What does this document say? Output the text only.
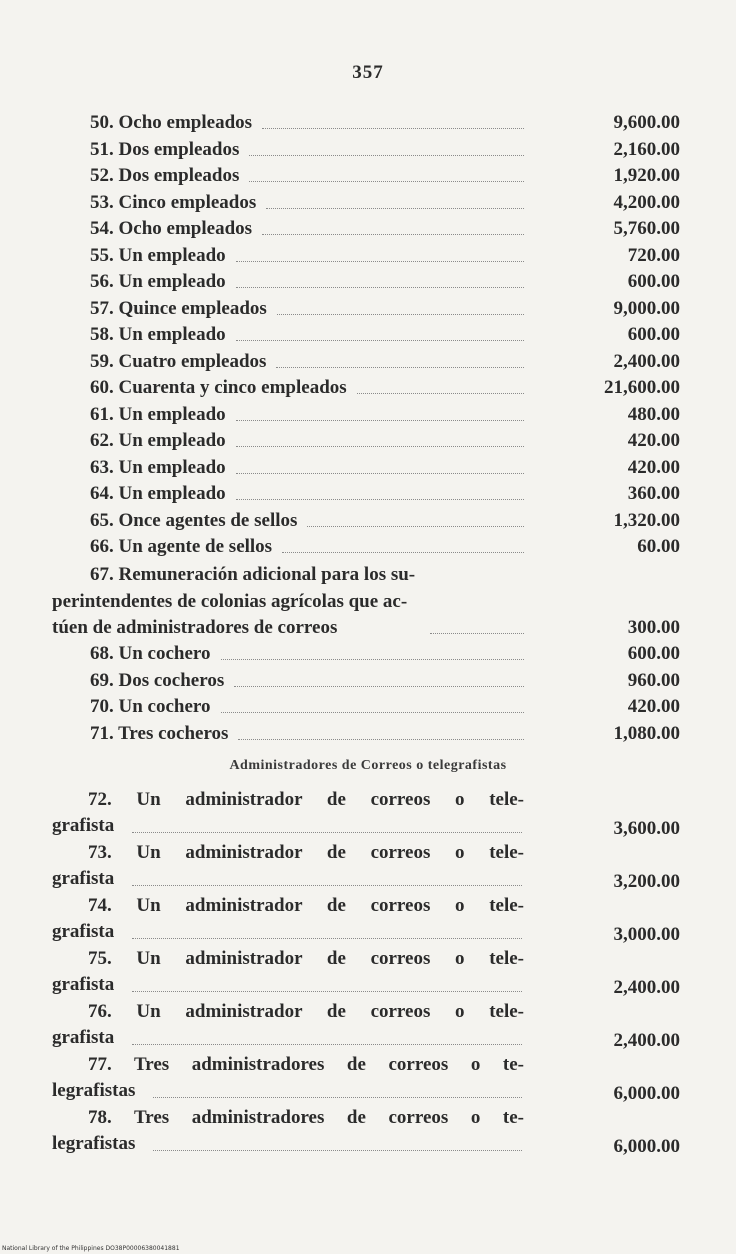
357
50. Ocho empleados	9,600.00
51. Dos empleados	2,160.00
52. Dos empleados	1,920.00
53. Cinco empleados	4,200.00
54. Ocho empleados	5,760.00
55. Un empleado	720.00
56. Un empleado	600.00
57. Quince empleados	9,000.00
58. Un empleado	600.00
59. Cuatro empleados	2,400.00
60. Cuarenta y cinco empleados	21,600.00
61. Un empleado	480.00
62. Un empleado	420.00
63. Un empleado	420.00
64. Un empleado	360.00
65. Once agentes de sellos	1,320.00
66. Un agente de sellos	60.00
67. Remuneración adicional para los su-
perintendentes de colonias agrícolas que ac-
túen de administradores de correos	300.00
68. Un cochero	600.00
69. Dos cocheros	960.00
70. Un cochero	420.00
71. Tres cocheros	1,080.00
Administradores de Correos o telegrafistas
72. Un administrador de correos o tele-
grafista	3,600.00
73. Un administrador de correos o tele-
grafista	3,200.00
74. Un administrador de correos o tele-
grafista	3,000.00
75. Un administrador de correos o tele-
grafista	2,400.00
76. Un administrador de correos o tele-
grafista	2,400.00
77. Tres administradores de correos o te-
legrafistas	6,000.00
78. Tres administradores de correos o te-
legrafistas	6,000.00
National Library of the Philippines DO38P00006380041881
